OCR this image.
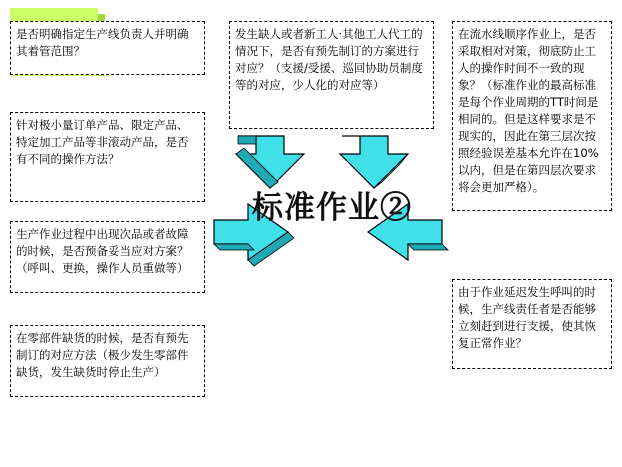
标准作业②
是否明确指定生产线负责人并明确其着管范围？
针对极小量订单产品、限定产品、特定加工产品等非滚动产品，是否有不同的操作方法？
生产作业过程中出现次品或者故障的时候，是否预备妥当应对方案？（呼叫、更换，操作人员重做等）
在零部件缺货的时候，是否有预先制订的对应方法（极少发生零部件缺货，发生缺货时停止生产）
发生缺人或者新工人·其他工人代工的情况下，是否有预先制订的方案进行对应？（支援/受援、巡回协助员制度等的对应，少人化的对应等）
在流水线顺序作业上，是否采取相对对策，彻底防止工人的操作时间不一致的现象？（标准作业的最高标准是每个作业周期的TT时间是相同的。但是这样要求是不现实的，因此在第三层次按照经验误差基本允许在10%以内，但是在第四层次要求将会更加严格）。
由于作业延迟发生呼叫的时候，生产线责任者是否能够立刻赶到进行支援，使其恢复正常作业？
